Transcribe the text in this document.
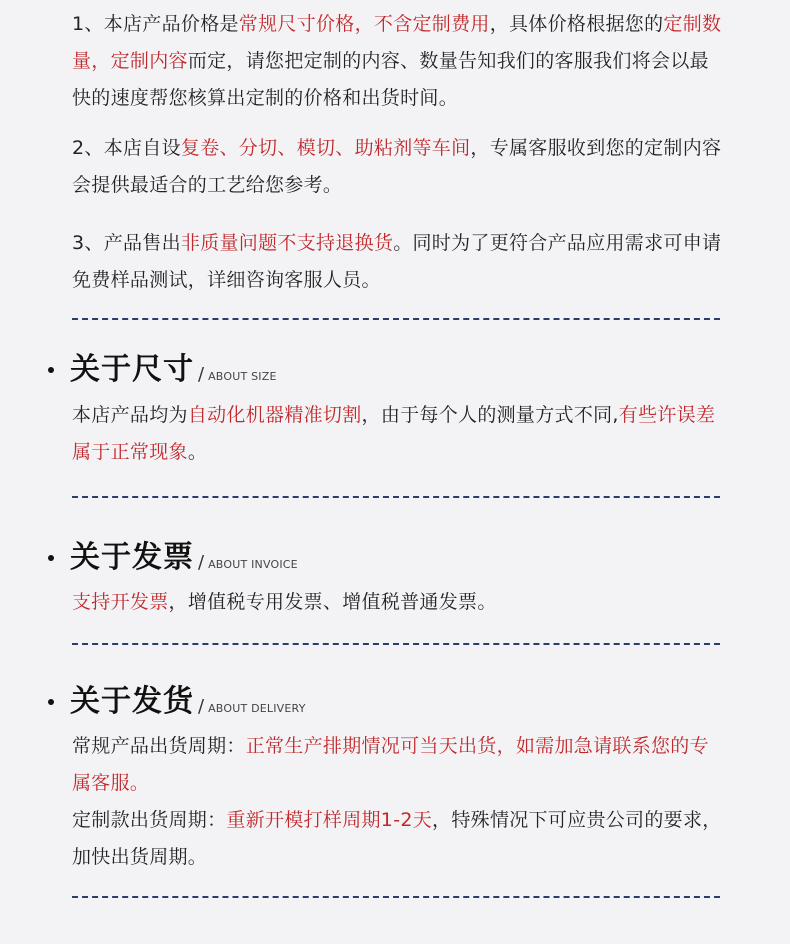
1、本店产品价格是常规尺寸价格，不含定制费用，具体价格根据您的定制数量，定制内容而定，请您把定制的内容、数量告知我们的客服我们将会以最快的速度帮您核算出定制的价格和出货时间。

2、本店自设复卷、分切、模切、助粘剂等车间，专属客服收到您的定制内容会提供最适合的工艺给您参考。

3、产品售出非质量问题不支持退换货。同时为了更符合产品应用需求可申请免费样品测试，详细咨询客服人员。

关于尺寸 / ABOUT SIZE

本店产品均为自动化机器精准切割，由于每个人的测量方式不同,有些许误差属于正常现象。

关于发票 / ABOUT INVOICE

支持开发票，增值税专用发票、增值税普通发票。

关于发货 / ABOUT DELIVERY

常规产品出货周期：正常生产排期情况可当天出货，如需加急请联系您的专属客服。

定制款出货周期：重新开模打样周期1-2天，特殊情况下可应贵公司的要求，加快出货周期。
